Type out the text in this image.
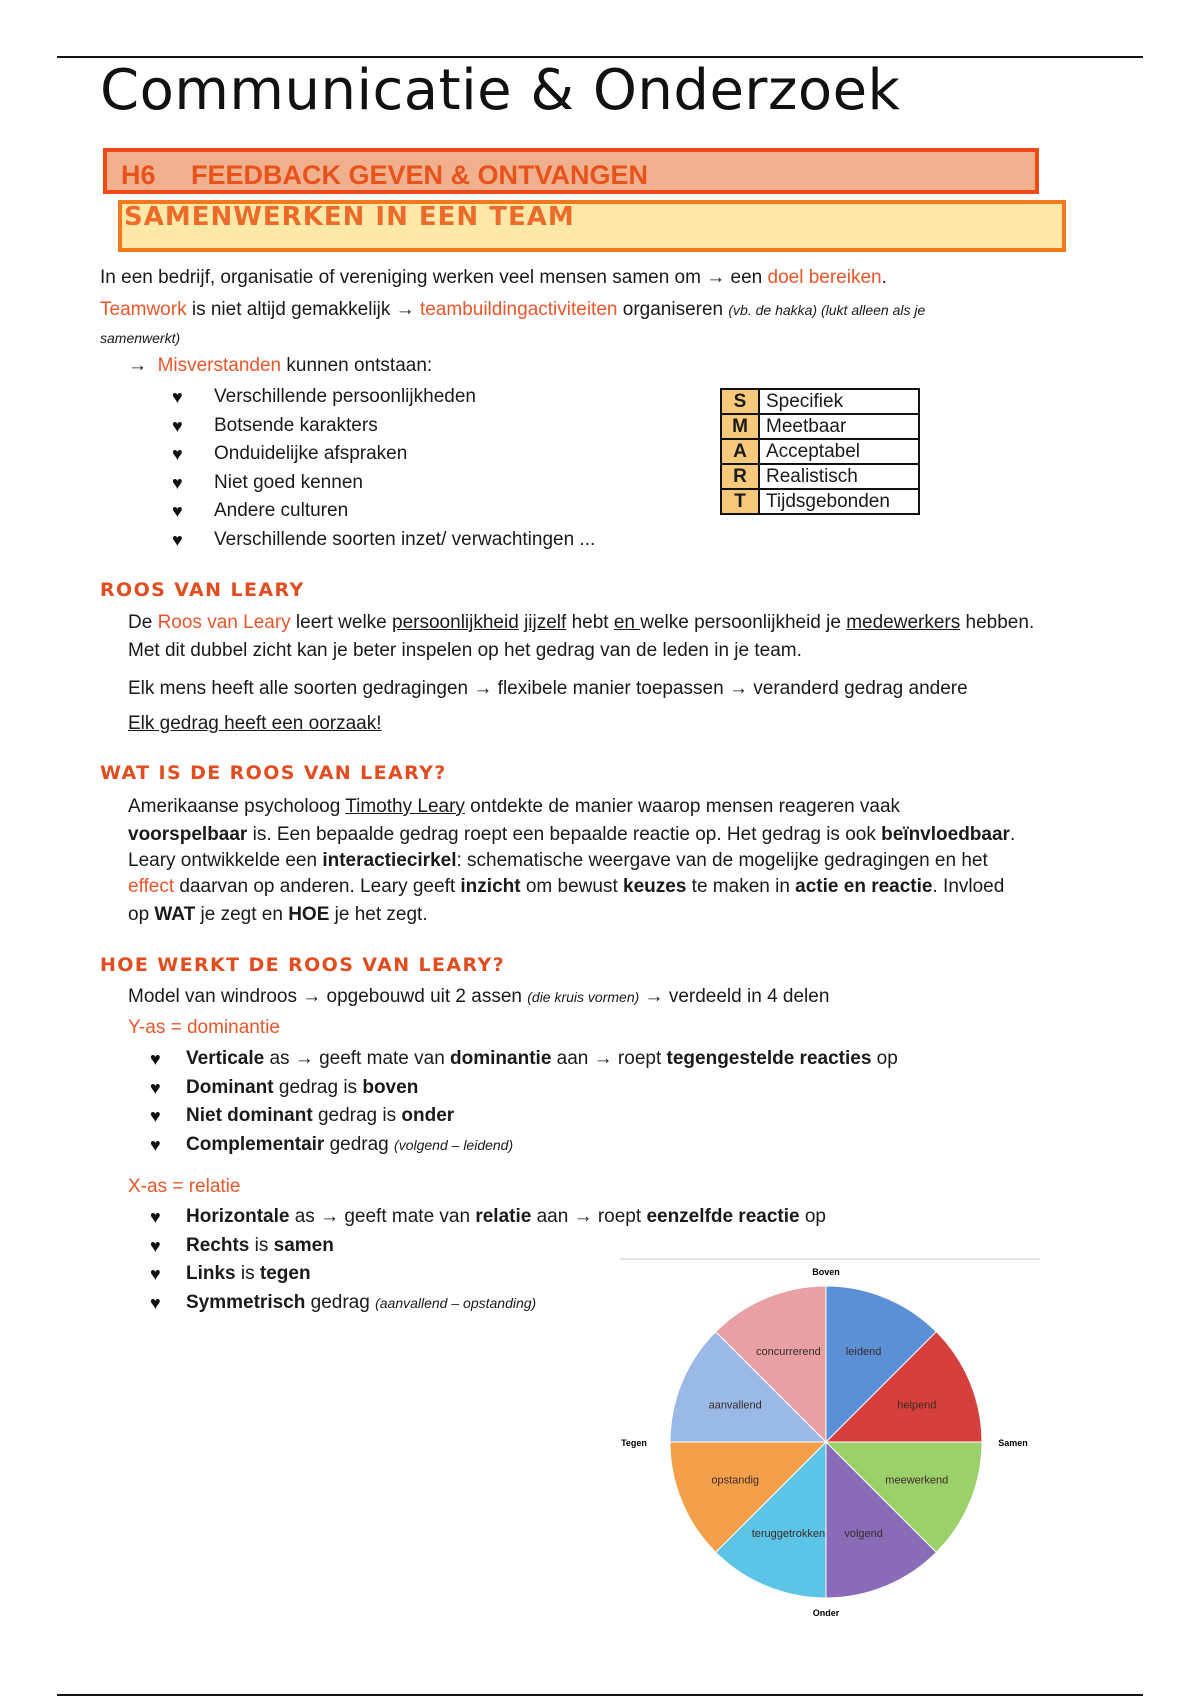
Communicatie & Onderzoek
H6 FEEDBACK GEVEN & ONTVANGEN
SAMENWERKEN IN EEN TEAM
In een bedrijf, organisatie of vereniging werken veel mensen samen om → een doel bereiken.
Teamwork is niet altijd gemakkelijk → teambuildingactiviteiten organiseren (vb. de hakka) (lukt alleen als je
samenwerkt)
→ Misverstanden kunnen ontstaan:
♥ Verschillende persoonlijkheden
♥ Botsende karakters
♥ Onduidelijke afspraken
♥ Niet goed kennen
♥ Andere culturen
♥ Verschillende soorten inzet/ verwachtingen ...
S	Specifiek
M	Meetbaar
A	Acceptabel
R	Realistisch
T	Tijdsgebonden
ROOS VAN LEARY
De Roos van Leary leert welke persoonlijkheid jijzelf hebt en welke persoonlijkheid je medewerkers hebben.
Met dit dubbel zicht kan je beter inspelen op het gedrag van de leden in je team.
Elk mens heeft alle soorten gedragingen → flexibele manier toepassen → veranderd gedrag andere
Elk gedrag heeft een oorzaak!
WAT IS DE ROOS VAN LEARY?
Amerikaanse psycholoog Timothy Leary ontdekte de manier waarop mensen reageren vaak
voorspelbaar is. Een bepaalde gedrag roept een bepaalde reactie op. Het gedrag is ook beïnvloedbaar.
Leary ontwikkelde een interactiecirkel: schematische weergave van de mogelijke gedragingen en het
effect daarvan op anderen. Leary geeft inzicht om bewust keuzes te maken in actie en reactie. Invloed
op WAT je zegt en HOE je het zegt.
HOE WERKT DE ROOS VAN LEARY?
Model van windroos → opgebouwd uit 2 assen (die kruis vormen) → verdeeld in 4 delen
Y-as = dominantie
♥ Verticale as → geeft mate van dominantie aan → roept tegengestelde reacties op
♥ Dominant gedrag is boven
♥ Niet dominant gedrag is onder
♥ Complementair gedrag (volgend – leidend)
X-as = relatie
♥ Horizontale as → geeft mate van relatie aan → roept eenzelfde reactie op
♥ Rechts is samen
♥ Links is tegen
♥ Symmetrisch gedrag (aanvallend – opstanding)
leidend
helpend
meewerkend
volgend
teruggetrokken
opstandig
aanvallend
concurrerend
Boven
Onder
Tegen	Samen
